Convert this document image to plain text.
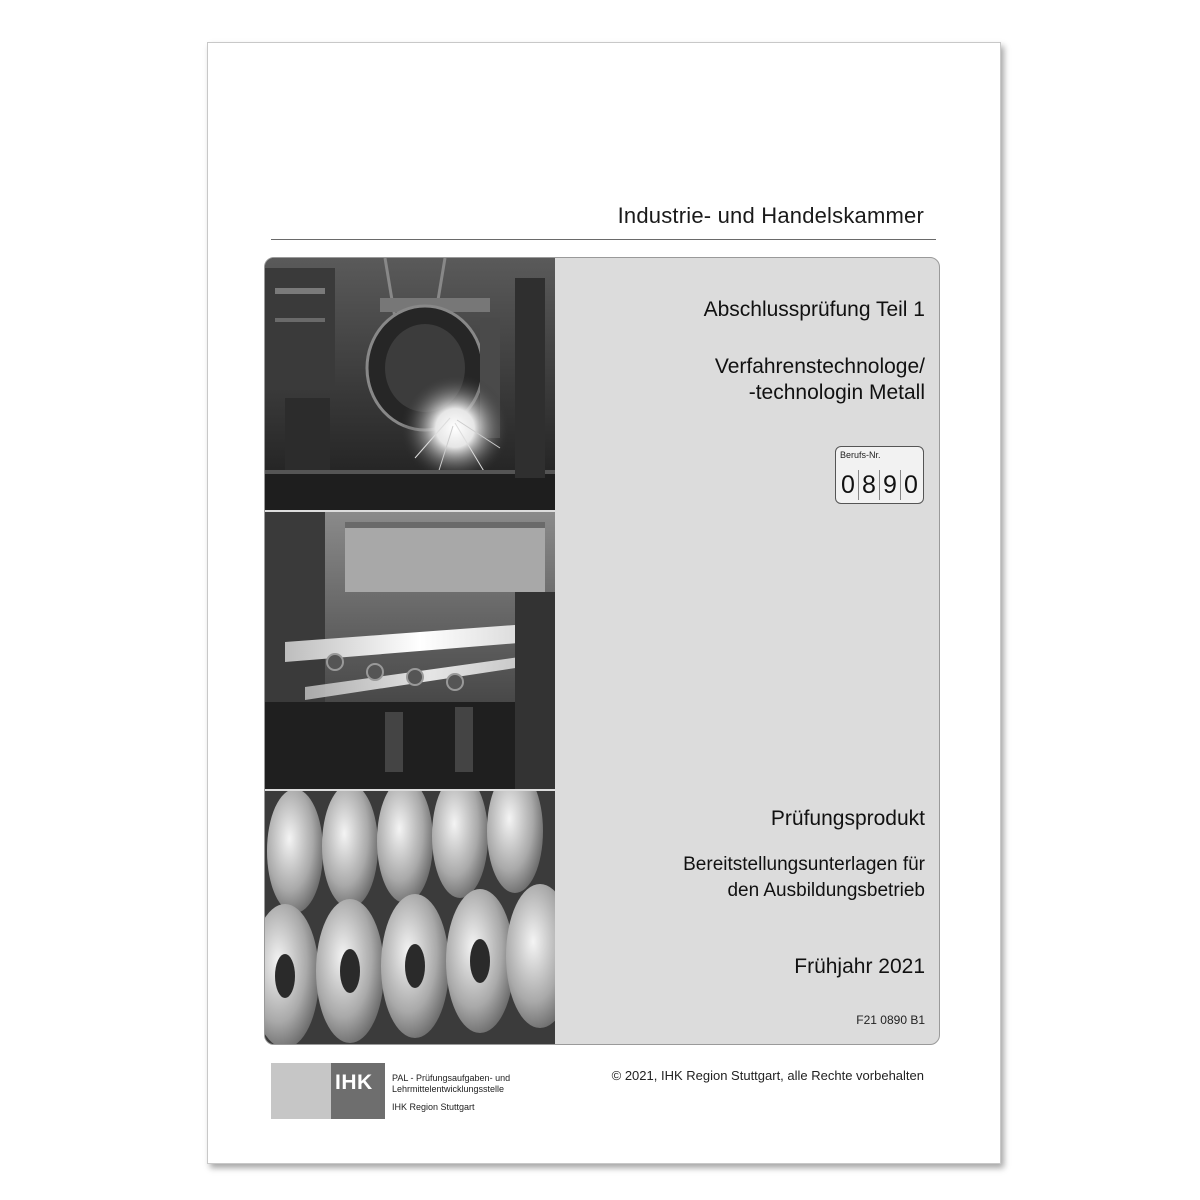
Industrie- und Handelskammer
Abschlussprüfung Teil 1
Verfahrenstechnologe/
-technologin Metall
Berufs-Nr.
0 8 9 0
Prüfungsprodukt
Bereitstellungsunterlagen für
den Ausbildungsbetrieb
Frühjahr 2021
F21 0890 B1
IHK PAL - Prüfungsaufgaben- und
Lehrmittelentwicklungsstelle
IHK Region Stuttgart
© 2021, IHK Region Stuttgart, alle Rechte vorbehalten
